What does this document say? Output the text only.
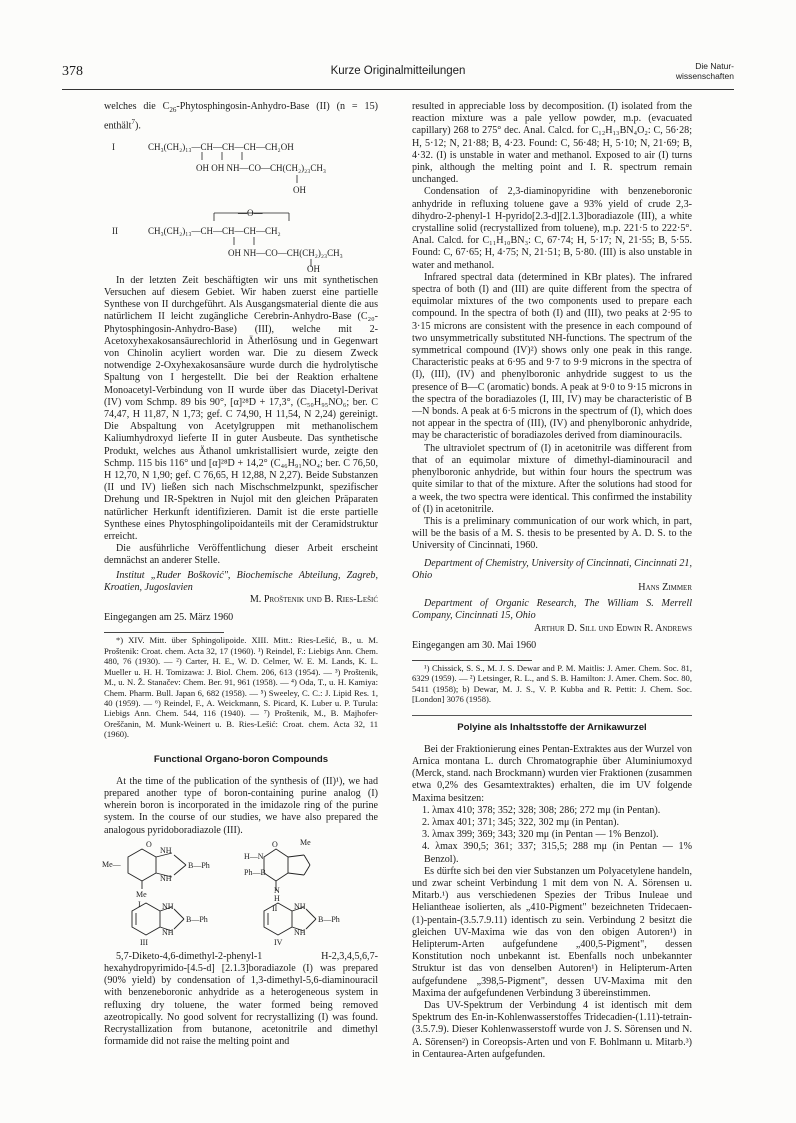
378	Kurze Originalmitteilungen	Die Natur-
wissenschaften

welches die $C_{26}-Phytosphingosin-Anhydro$-Base (II) (n = 15) enthält$^7$).

I	CH₃(CH₂)₁₃—CH—CH—CH—CH₂OH
OH OH NH—CO—CH(CH₂)₂₃CH₃
OH
—O—
II	CH₃(CH₂)₁₃—CH—CH—CH—CH₂
OH NH—CO—CH(CH₂)₂₃CH₃
OH

In der letzten Zeit beschäftigten wir uns mit synthetischen Versuchen auf diesem Gebiet. Wir haben zuerst eine partielle Synthese von II durchgeführt. Als Ausgangsmaterial diente die aus natürlichem II leicht zugängliche Cerebrin-Anhydro-Base (C₂₀-Phytosphingosin-Anhydro-Base) (III), welche mit 2-Acetoxyhexakosansäurechlorid in Ätherlösung und in Gegenwart von Chinolin acyliert worden war. Die zu diesem Zweck notwendige 2-Oxyhexakosansäure wurde durch die hydrolytische Spaltung von I hergestellt. Die bei der Reaktion erhaltene Monoacetyl-Verbindung von II wurde über das Diacetyl-Derivat (IV) vom Schmp. 89 bis 90°, [α]²⁸D + 17,3°, (C₅₀H₉₅NO₆; ber. C 74,47, H 11,87, N 1,73; gef. C 74,90, H 11,54, N 2,24) gereinigt. Die Abspaltung von Acetylgruppen mit methanolischem Kaliumhydroxyd lieferte II in guter Ausbeute. Das synthetische Produkt, welches aus Äthanol umkristallisiert wurde, zeigte den Schmp. 115 bis 116° und [α]²⁸D + 14,2° (C₄₆H₉₁NO₄; ber. C 76,50, H 12,70, N 1,90; gef. C 76,65, H 12,88, N 2,27). Beide Substanzen (II und IV) ließen sich nach Mischschmelzpunkt, spezifischer Drehung und IR-Spektren in Nujol mit den gleichen Präparaten natürlicher Herkunft identifizieren. Damit ist die erste partielle Synthese eines Phytosphingolipoidanteils mit der Ceramidstruktur erreicht.

Die ausführliche Veröffentlichung dieser Arbeit erscheint demnächst an anderer Stelle.

Institut „Ruder Bošković", Biochemische Abteilung, Zagreb, Kroatien, Jugoslavien

M. Proštenik und B. Ries-Lešić

Eingegangen am 25. März 1960

*) XIV. Mitt. über Sphingolipoide. XIII. Mitt.: Ries-Lešić, B., u. M. Proštenik: Croat. chem. Acta 32, 17 (1960). ¹) Reindel, F.: Liebigs Ann. Chem. 480, 76 (1930). — ²) Carter, H. E., W. D. Celmer, W. E. M. Lands, K. L. Mueller u. H. H. Tomizawa: J. Biol. Chem. 206, 613 (1954). — ³) Proštenik, M., u. N. Ž. Stanačev: Chem. Ber. 91, 961 (1958). — ⁴) Oda, T., u. H. Kamiya: Chem. Pharm. Bull. Japan 6, 682 (1958). — ⁵) Sweeley, C. C.: J. Lipid Res. 1, 40 (1959). — ⁶) Reindel, F., A. Weickmann, S. Picard, K. Luber u. P. Turula: Liebigs Ann. Chem. 544, 116 (1940). — ⁷) Proštenik, M., B. Majhofer-Oreščanin, M. Munk-Weinert u. B. Ries-Lešić: Croat. chem. Acta 32, 11 (1960).

Functional Organo-boron Compounds

At the time of the publication of the synthesis of (II)¹), we had prepared another type of boron-containing purine analog (I) wherein boron is incorporated in the imidazole ring of the purine system. In the course of our studies, we have also prepared the analogous pyridoboradiazole (III).

O
Me—
NH
NH
B—Ph
Me
I
O	Me
H—N
Ph—B
N
H
II
NH
NH
B—Ph
III
NH
NH
B—Ph
IV

5,7-Diketo-4,6-dimethyl-2-phenyl-1 H-2,3,4,5,6,7-hexahydropyrimido-[4.5-d] [2.1.3]boradiazole (I) was prepared (90% yield) by condensation of 1,3-dimethyl-5,6-diaminouracil with benzeneboronic anhydride as a heterogeneous system in refluxing dry toluene, the water formed being removed azeotropically. No good solvent for recrystallizing (I) was found. Recrystallization from butanone, acetonitrile and dimethyl formamide did not raise the melting point and

resulted in appreciable loss by decomposition. (I) isolated from the reaction mixture was a pale yellow powder, m.p. (evacuated capillary) 268 to 275° dec. Anal. Calcd. for C₁₂H₁₃BN₄O₂: C, 56·28; H, 5·12; N, 21·88; B, 4·23. Found: C, 56·48; H, 5·10; N, 21·69; B, 4·32. (I) is unstable in water and methanol. Exposed to air (I) turns pink, although the melting point and I. R. spectrum remain unchanged.

Condensation of 2,3-diaminopyridine with benzeneboronic anhydride in refluxing toluene gave a 93% yield of crude 2,3-dihydro-2-phenyl-1 H-pyrido[2.3-d][2.1.3]boradiazole (III), a white crystalline solid (recrystallized from toluene), m.p. 221·5 to 222·5°. Anal. Calcd. for C₁₁H₁₀BN₃: C, 67·74; H, 5·17; N, 21·55; B, 5·55. Found: C, 67·65; H, 4·75; N, 21·51; B, 5·80. (III) is also unstable in water and methanol.

Infrared spectral data (determined in KBr plates). The infrared spectra of both (I) and (III) are quite different from the spectra of equimolar mixtures of the two components used to prepare each compound. In the spectra of both (I) and (III), two peaks at 2·95 to 3·15 microns are consistent with the presence in each compound of two unsymmetrically substituted NH-functions. The spectrum of the symmetrical compound (IV)²) shows only one peak in this range. Characteristic peaks at 6·95 and 9·7 to 9·9 microns in the spectra of (I), (III), (IV) and phenylboronic anhydride suggest to us the presence of B—C (aromatic) bonds. A peak at 9·0 to 9·15 microns in the spectra of the boradiazoles (I, III, IV) may be characteristic of B—N bonds. A peak at 6·5 microns in the spectrum of (I), which does not appear in the spectra of (III), (IV) and phenylboronic anhydride, may be characteristic of boradiazoles derived from diaminouracils.

The ultraviolet spectrum of (I) in acetonitrile was different from that of an equimolar mixture of dimethyl-diaminouracil and phenylboronic anhydride, but within four hours the spectrum was quite similar to that of the mixture. After the solutions had stood for a week, the two spectra were identical. This confirmed the instability of (I) in acetonitrile.

This is a preliminary communication of our work which, in part, will be the basis of a M. S. thesis to be presented by A. D. S. to the University of Cincinnati, 1960.

Department of Chemistry, University of Cincinnati, Cincinnati 21, Ohio

Hans Zimmer

Department of Organic Research, The William S. Merrell Company, Cincinnati 15, Ohio

Arthur D. Sill und Edwin R. Andrews

Eingegangen am 30. Mai 1960

¹) Chissick, S. S., M. J. S. Dewar and P. M. Maitlis: J. Amer. Chem. Soc. 81, 6329 (1959). — ²) Letsinger, R. L., and S. B. Hamilton: J. Amer. Chem. Soc. 80, 5411 (1958); b) Dewar, M. J. S., V. P. Kubba and R. Pettit: J. Chem. Soc. [London] 3076 (1958).

Polyine als Inhaltsstoffe der Arnikawurzel

Bei der Fraktionierung eines Pentan-Extraktes aus der Wurzel von Arnica montana L. durch Chromatographie über Aluminiumoxyd (Merck, stand. nach Brockmann) wurden vier Fraktionen (zusammen etwa 0,2% des Gesamtextraktes) erhalten, die im UV folgende Maxima besitzen:

1. λmax 410; 378; 352; 328; 308; 286; 272 mμ (in Pentan).

2. λmax 401; 371; 345; 322, 302 mμ (in Pentan).

3. λmax 399; 369; 343; 320 mμ (in Pentan — 1% Benzol).

4. λmax 390,5; 361; 337; 315,5; 288 mμ (in Pentan — 1% Benzol).

Es dürfte sich bei den vier Substanzen um Polyacetylene handeln, und zwar scheint Verbindung 1 mit dem von N. A. Sörensen u. Mitarb.¹) aus verschiedenen Spezies der Tribus Inuleae und Heliantheae isolierten, als „410-Pigment" bezeichneten Tridecaen-(1)-pentain-(3.5.7.9.11) identisch zu sein. Verbindung 2 besitzt die gleichen UV-Maxima wie das von den obigen Autoren¹) in Helipterum-Arten aufgefundene „400,5-Pigment", dessen Konstitution noch unbekannt ist. Ebenfalls noch unbekannter Struktur ist das von denselben Autoren¹) in Helipterum-Arten aufgefundene „398,5-Pigment", dessen UV-Maxima mit den Maxima der aufgefundenen Verbindung 3 übereinstimmen.

Das UV-Spektrum der Verbindung 4 ist identisch mit dem Spektrum des En-in-Kohlenwasserstoffes Tridecadien-(1.11)-tetrain-(3.5.7.9). Dieser Kohlenwasserstoff wurde von J. S. Sörensen und N. A. Sörensen²) in Coreopsis-Arten und von F. Bohlmann u. Mitarb.³) in Centaurea-Arten aufgefunden.
